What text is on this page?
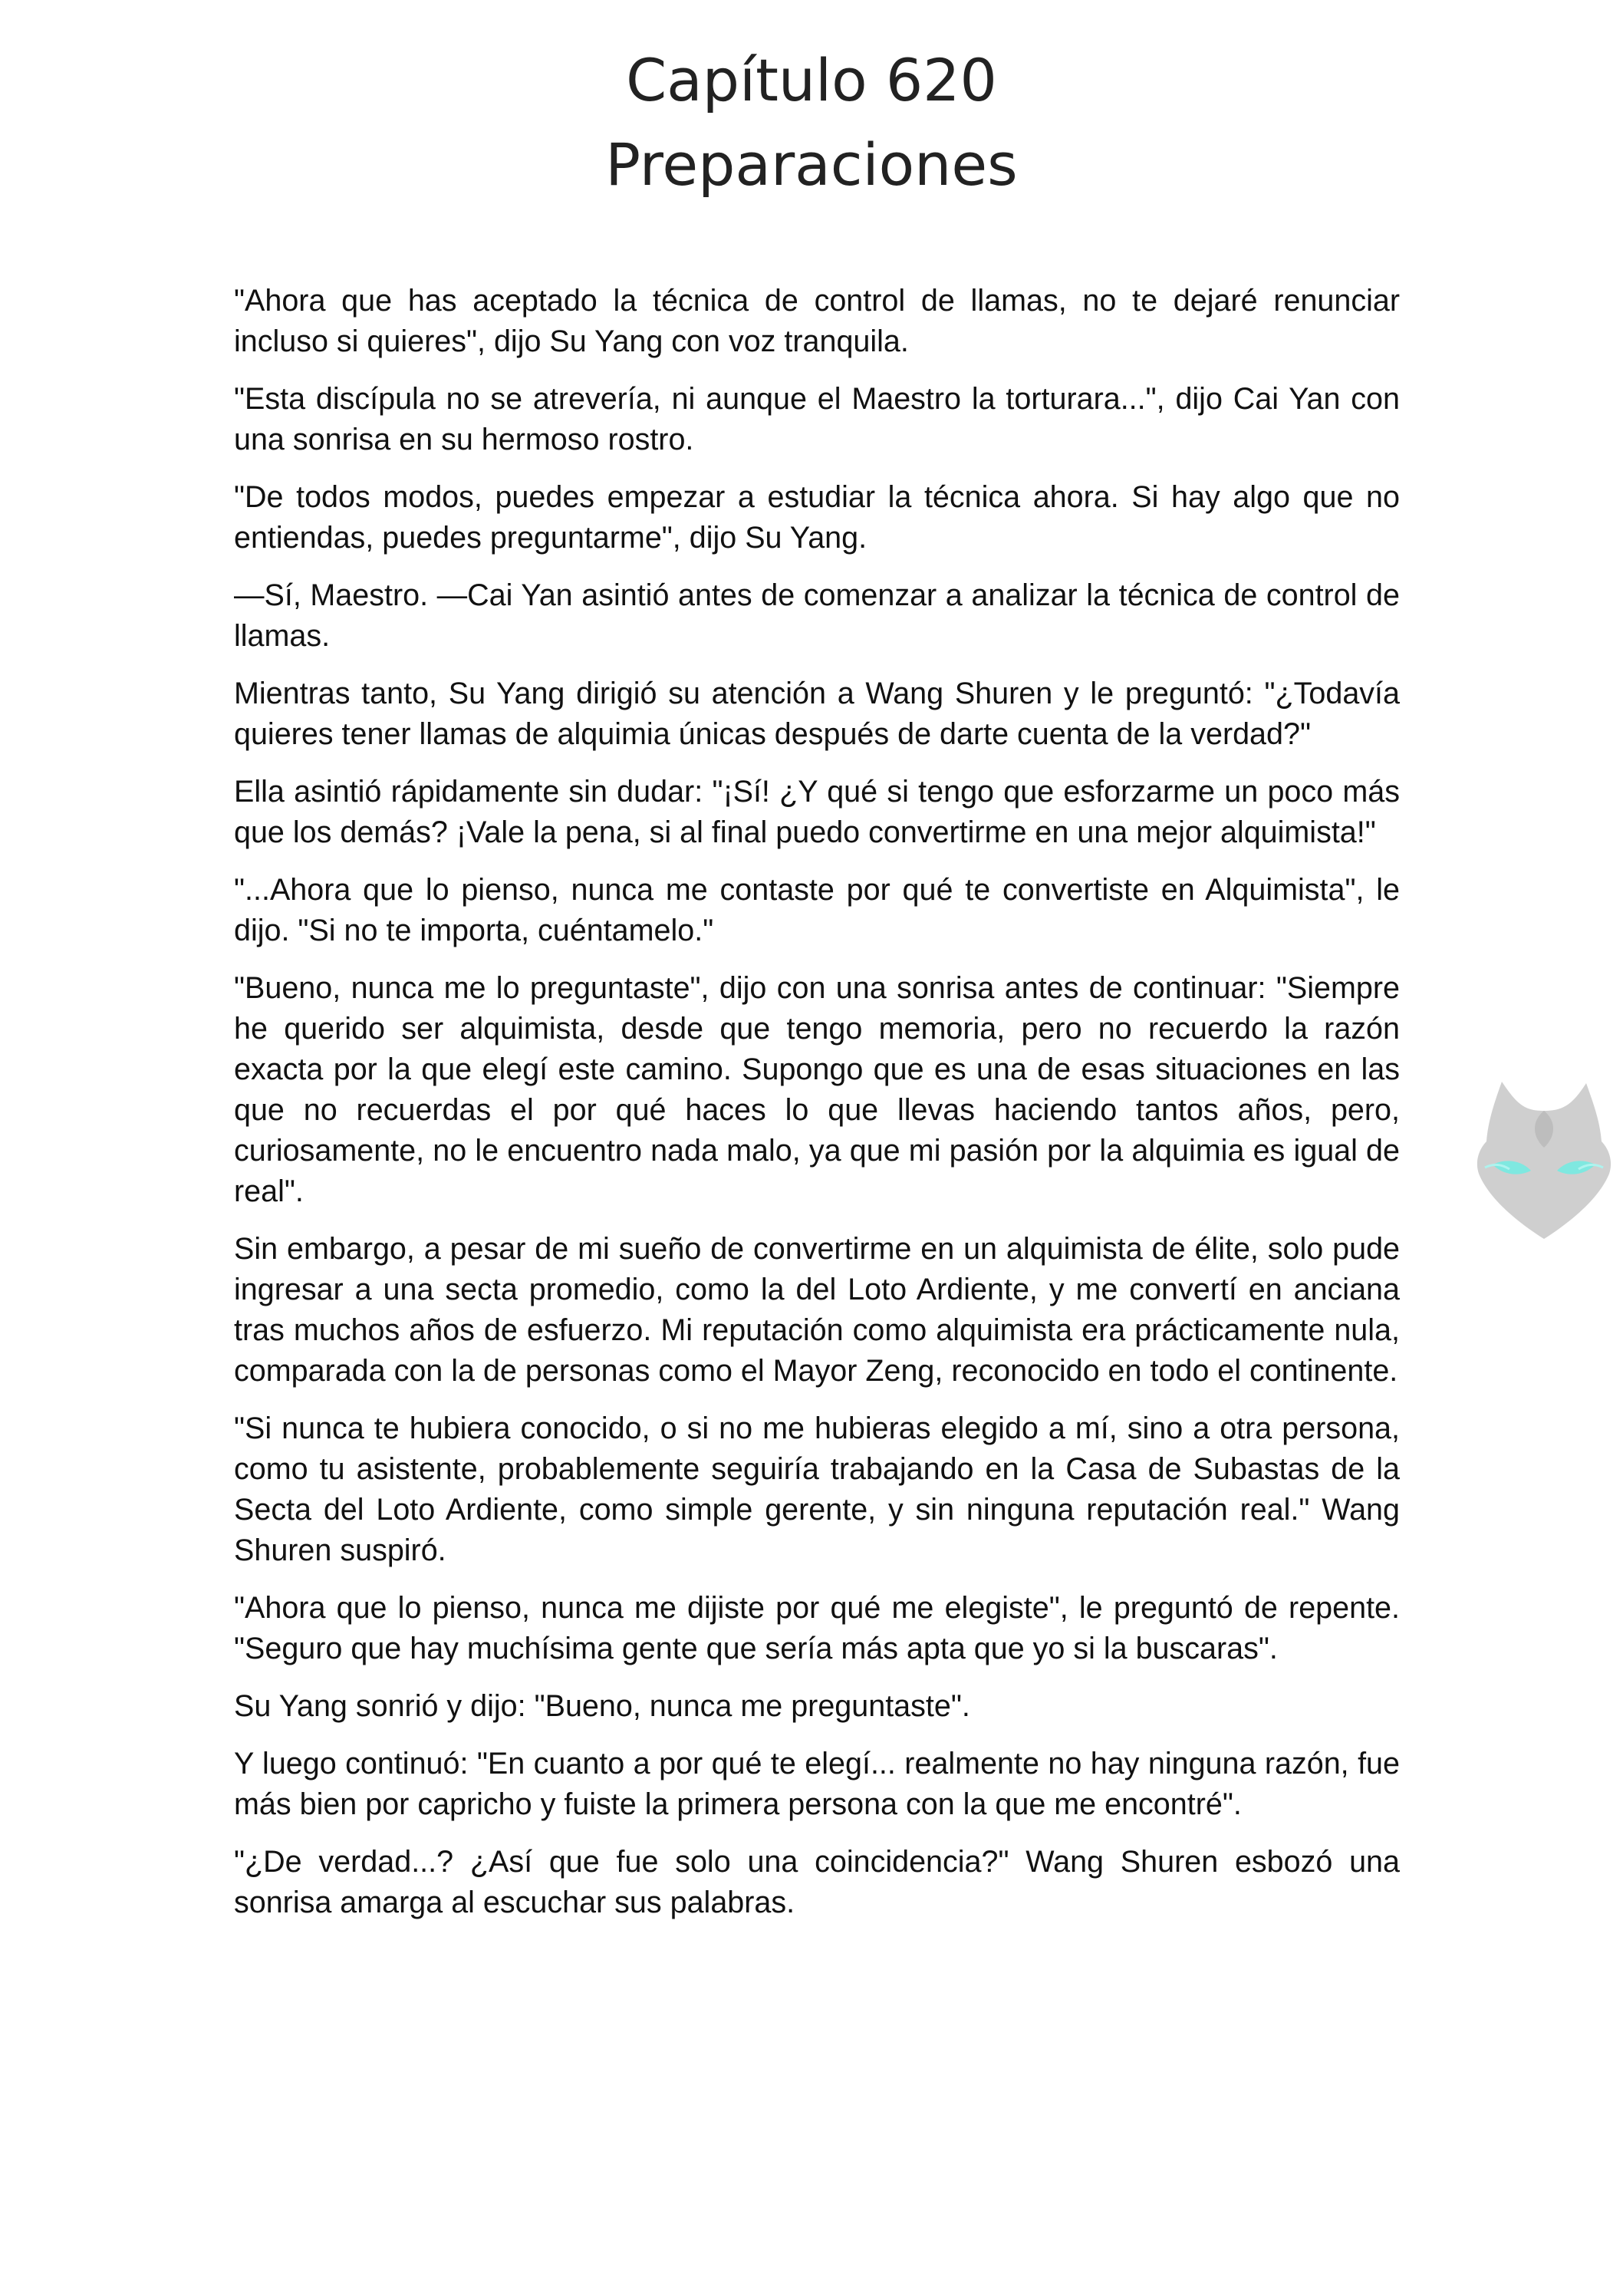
Capítulo 620
Preparaciones

"Ahora que has aceptado la técnica de control de llamas, no te dejaré renunciar incluso si quieres", dijo Su Yang con voz tranquila.

"Esta discípula no se atrevería, ni aunque el Maestro la torturara...", dijo Cai Yan con una sonrisa en su hermoso rostro.

"De todos modos, puedes empezar a estudiar la técnica ahora. Si hay algo que no entiendas, puedes preguntarme", dijo Su Yang.

—Sí, Maestro. —Cai Yan asintió antes de comenzar a analizar la técnica de control de llamas.

Mientras tanto, Su Yang dirigió su atención a Wang Shuren y le preguntó: "¿Todavía quieres tener llamas de alquimia únicas después de darte cuenta de la verdad?"

Ella asintió rápidamente sin dudar: "¡Sí! ¿Y qué si tengo que esforzarme un poco más que los demás? ¡Vale la pena, si al final puedo convertirme en una mejor alquimista!"

"...Ahora que lo pienso, nunca me contaste por qué te convertiste en Alquimista", le dijo. "Si no te importa, cuéntamelo."

"Bueno, nunca me lo preguntaste", dijo con una sonrisa antes de continuar: "Siempre he querido ser alquimista, desde que tengo memoria, pero no recuerdo la razón exacta por la que elegí este camino. Supongo que es una de esas situaciones en las que no recuerdas el por qué haces lo que llevas haciendo tantos años, pero, curiosamente, no le encuentro nada malo, ya que mi pasión por la alquimia es igual de real".

Sin embargo, a pesar de mi sueño de convertirme en un alquimista de élite, solo pude ingresar a una secta promedio, como la del Loto Ardiente, y me convertí en anciana tras muchos años de esfuerzo. Mi reputación como alquimista era prácticamente nula, comparada con la de personas como el Mayor Zeng, reconocido en todo el continente.

"Si nunca te hubiera conocido, o si no me hubieras elegido a mí, sino a otra persona, como tu asistente, probablemente seguiría trabajando en la Casa de Subastas de la Secta del Loto Ardiente, como simple gerente, y sin ninguna reputación real." Wang Shuren suspiró.

"Ahora que lo pienso, nunca me dijiste por qué me elegiste", le preguntó de repente. "Seguro que hay muchísima gente que sería más apta que yo si la buscaras".

Su Yang sonrió y dijo: "Bueno, nunca me preguntaste".

Y luego continuó: "En cuanto a por qué te elegí... realmente no hay ninguna razón, fue más bien por capricho y fuiste la primera persona con la que me encontré".

"¿De verdad...? ¿Así que fue solo una coincidencia?" Wang Shuren esbozó una sonrisa amarga al escuchar sus palabras.
